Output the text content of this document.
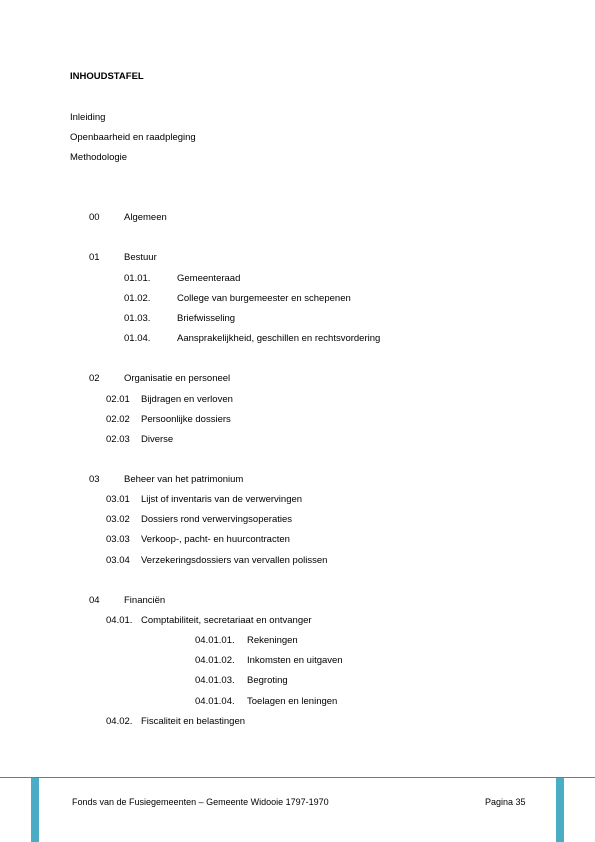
INHOUDSTAFEL
Inleiding
Openbaarheid en raadpleging
Methodologie
00	Algemeen
01	Bestuur
01.01.	Gemeenteraad
01.02.	College van burgemeester en schepenen
01.03.	Briefwisseling
01.04.	Aansprakelijkheid, geschillen en rechtsvordering
02	Organisatie en personeel
02.01 Bijdragen en verloven
02.02 Persoonlijke dossiers
02.03 Diverse
03	Beheer van het patrimonium
03.01 Lijst of inventaris van de verwervingen
03.02 Dossiers rond verwervingsoperaties
03.03 Verkoop-, pacht- en huurcontracten
03.04 Verzekeringsdossiers van vervallen polissen
04	Financiën
04.01. Comptabiliteit, secretariaat en ontvanger
04.01.01. Rekeningen
04.01.02. Inkomsten en uitgaven
04.01.03. Begroting
04.01.04. Toelagen en leningen
04.02. Fiscaliteit en belastingen
Fonds van de Fusiegemeenten – Gemeente Widooie 1797-1970	Pagina 35
